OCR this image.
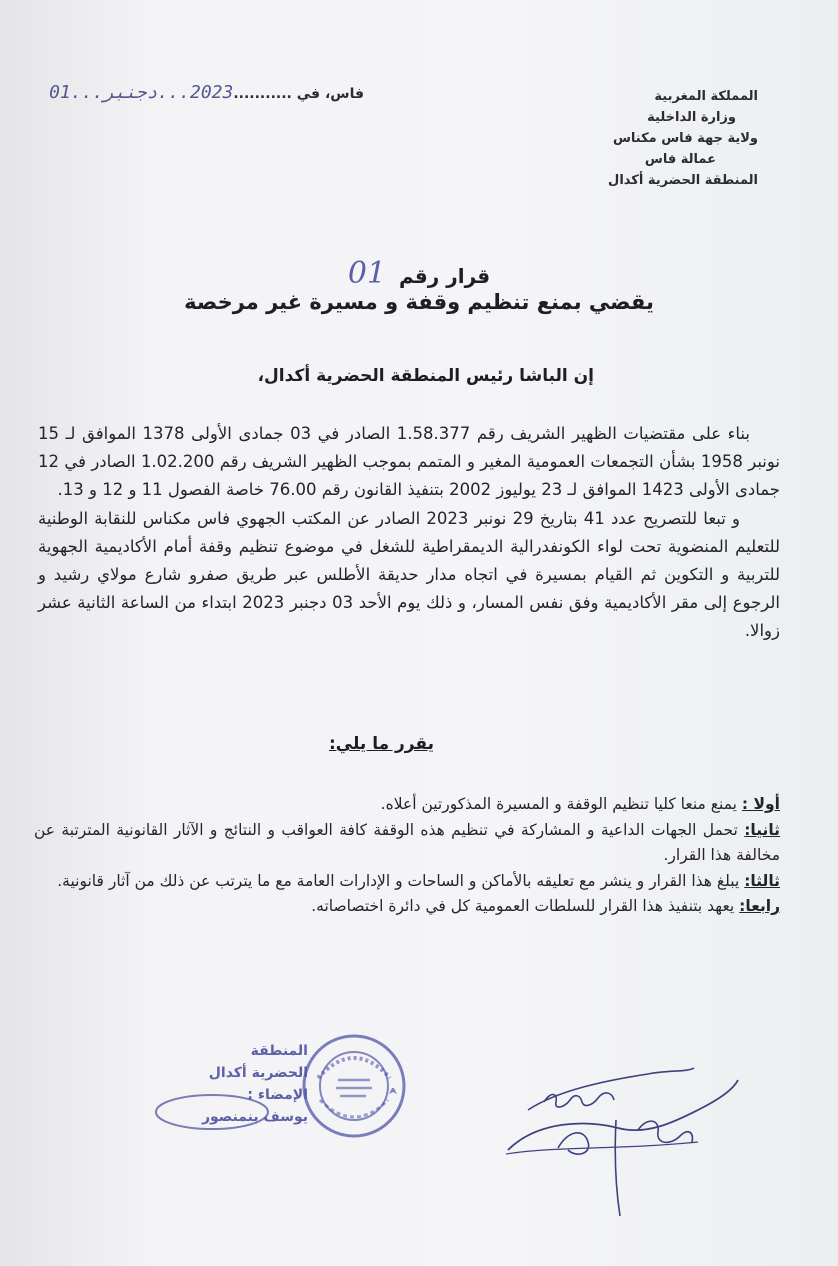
المملكة المغربية
وزارة الداخلية
ولاية جهة فاس مكناس
عمالة فاس
المنطقة الحضرية أكدال
فاس، في ...........2023...دجنبر...01
قرار رقم 01
يقضي بمنع تنظيم وقفة و مسيرة غير مرخصة
إن الباشا رئيس المنطقة الحضرية أكدال،

بناء على مقتضيات الظهير الشريف رقم 1.58.377 الصادر في 03 جمادى الأولى 1378 الموافق لـ 15 نونبر 1958 بشأن التجمعات العمومية المغير و المتمم بموجب الظهير الشريف رقم 1.02.200 الصادر في 12 جمادى الأولى 1423 الموافق لـ 23 يوليوز 2002 بتنفيذ القانون رقم 76.00 خاصة الفصول 11 و 12 و 13.

و تبعا للتصريح عدد 41 بتاريخ 29 نونبر 2023 الصادر عن المكتب الجهوي فاس مكناس للنقابة الوطنية للتعليم المنضوية تحت لواء الكونفدرالية الديمقراطية للشغل في موضوع تنظيم وقفة أمام الأكاديمية الجهوية للتربية و التكوين ثم القيام بمسيرة في اتجاه مدار حديقة الأطلس عبر طريق صفرو شارع مولاي رشيد و الرجوع إلى مقر الأكاديمية وفق نفس المسار، و ذلك يوم الأحد 03 دجنبر 2023 ابتداء من الساعة الثانية عشر زوالا.

يقرر ما يلي:

أولا : يمنع منعا كليا تنظيم الوقفة و المسيرة المذكورتين أعلاه.

ثانيا: تحمل الجهات الداعية و المشاركة في تنظيم هذه الوقفة كافة العواقب و النتائج و الآثار القانونية المترتبة عن مخالفة هذا القرار.

ثالثا: يبلغ هذا القرار و ينشر مع تعليقه بالأماكن و الساحات و الإدارات العامة مع ما يترتب عن ذلك من آثار قانونية.

رابعا: يعهد بتنفيذ هذا القرار للسلطات العمومية كل في دائرة اختصاصاته.

المنطقة
الحضرية أكدال
الإمضاء :
يوسف بنمنصور
